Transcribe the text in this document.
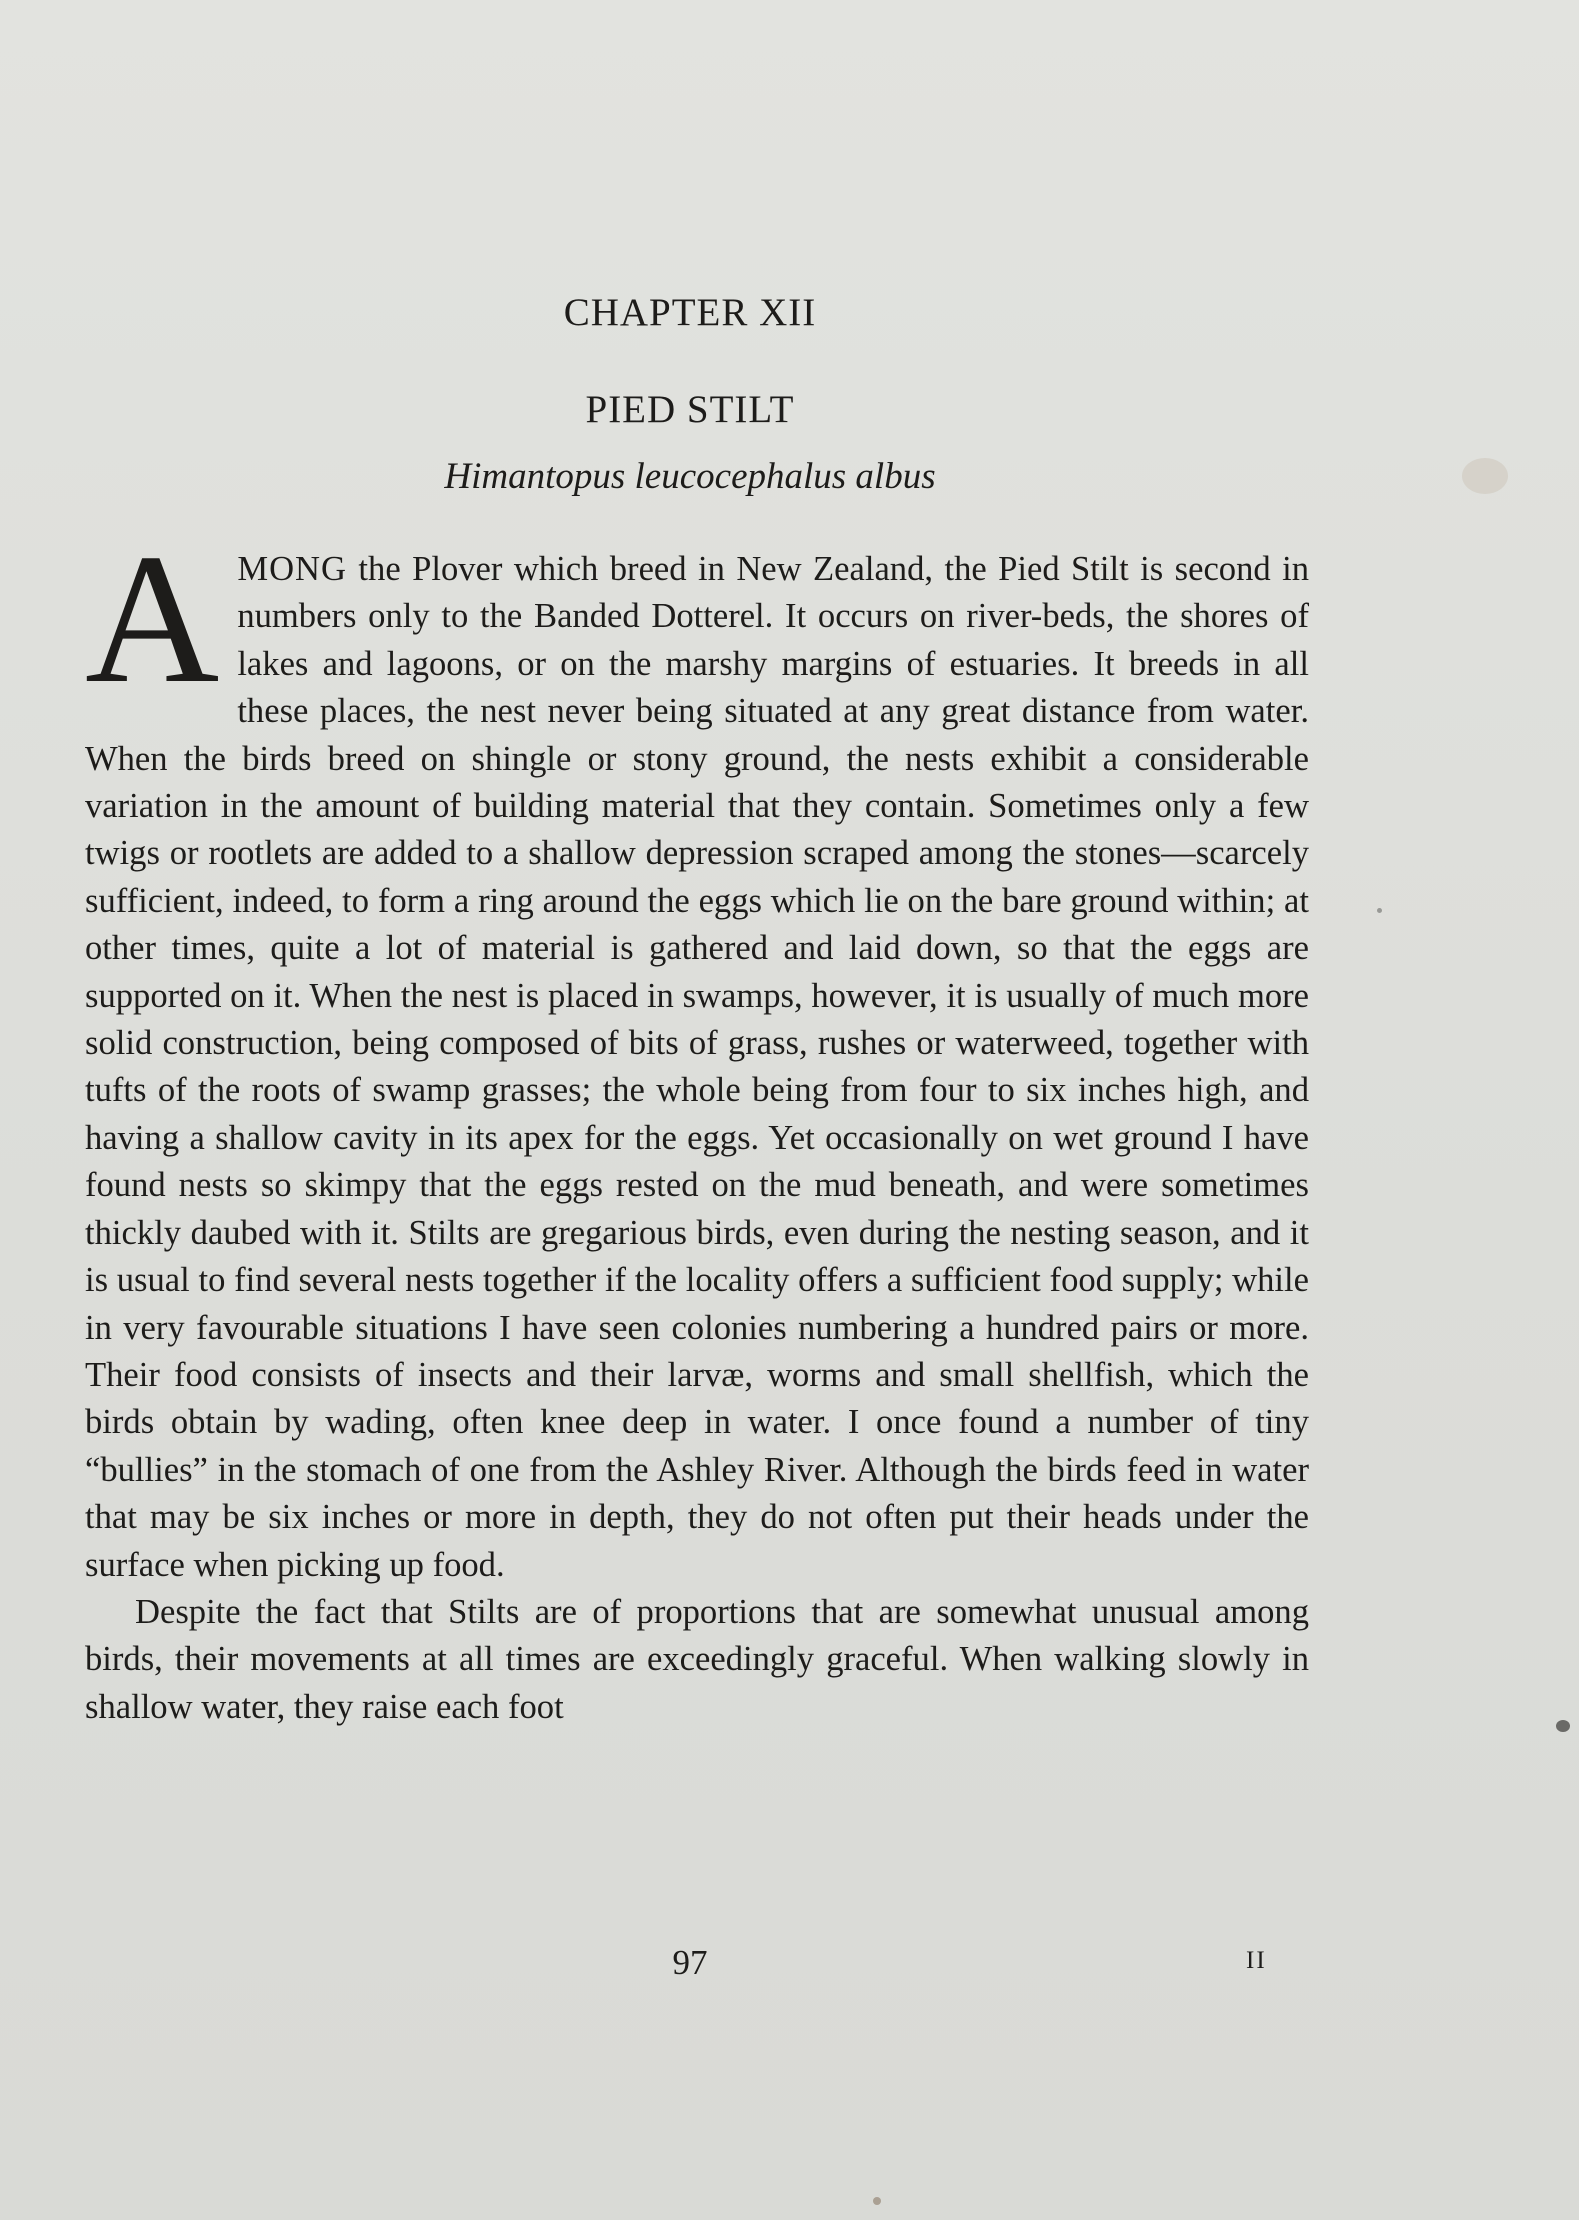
CHAPTER XII
PIED STILT
Himantopus leucocephalus albus

AMONG the Plover which breed in New Zealand, the Pied Stilt is second in numbers only to the Banded Dotterel. It occurs on river-beds, the shores of lakes and lagoons, or on the marshy margins of estuaries. It breeds in all these places, the nest never being situated at any great distance from water. When the birds breed on shingle or stony ground, the nests exhibit a considerable variation in the amount of building material that they contain. Sometimes only a few twigs or rootlets are added to a shallow depression scraped among the stones—scarcely sufficient, indeed, to form a ring around the eggs which lie on the bare ground within; at other times, quite a lot of material is gathered and laid down, so that the eggs are supported on it. When the nest is placed in swamps, however, it is usually of much more solid construction, being composed of bits of grass, rushes or waterweed, together with tufts of the roots of swamp grasses; the whole being from four to six inches high, and having a shallow cavity in its apex for the eggs. Yet occasionally on wet ground I have found nests so skimpy that the eggs rested on the mud beneath, and were sometimes thickly daubed with it. Stilts are gregarious birds, even during the nesting season, and it is usual to find several nests together if the locality offers a sufficient food supply; while in very favourable situations I have seen colonies numbering a hundred pairs or more. Their food consists of insects and their larvæ, worms and small shellfish, which the birds obtain by wading, often knee deep in water. I once found a number of tiny “bullies” in the stomach of one from the Ashley River. Although the birds feed in water that may be six inches or more in depth, they do not often put their heads under the surface when picking up food.

Despite the fact that Stilts are of proportions that are somewhat unusual among birds, their movements at all times are exceedingly graceful. When walking slowly in shallow water, they raise each foot

97	II
